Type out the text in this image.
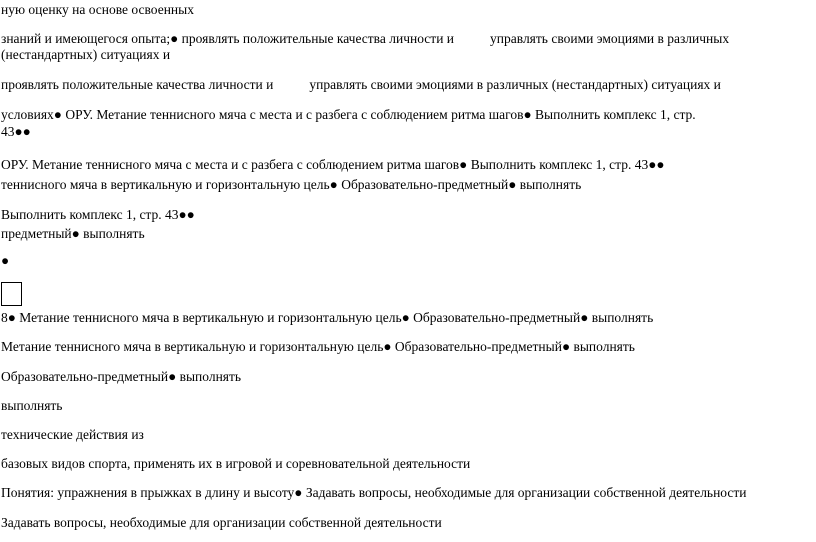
ную оценку на основе освоенных
знаний и имеющегося опыта;● проявлять положительные качества личности и	управлять своими эмоциями в различных
(нестандартных) ситуациях и
проявлять положительные качества личности и	управлять своими эмоциями в различных (нестандартных) ситуациях и
условиях● ОРУ. Метание теннисного мяча с места и с разбега с соблюдением ритма шагов● Выполнить комплекс 1, стр.
43●●
ОРУ. Метание теннисного мяча с места и с разбега с соблюдением ритма шагов● Выполнить комплекс 1, стр. 43●●
теннисного мяча в вертикальную и горизонтальную цель● Образовательно-предметный● выполнять
Выполнить комплекс 1, стр. 43●●
предметный● выполнять
●
8● Метание теннисного мяча в вертикальную и горизонтальную цель● Образовательно-предметный● выполнять
Метание теннисного мяча в вертикальную и горизонтальную цель● Образовательно-предметный● выполнять
Образовательно-предметный● выполнять
выполнять
технические действия из
базовых видов спорта, применять их в игровой и соревновательной деятельности
Понятия: упражнения в прыжках в длину и высоту● Задавать вопросы, необходимые для организации собственной деятельности
Задавать вопросы, необходимые для организации собственной деятельности
